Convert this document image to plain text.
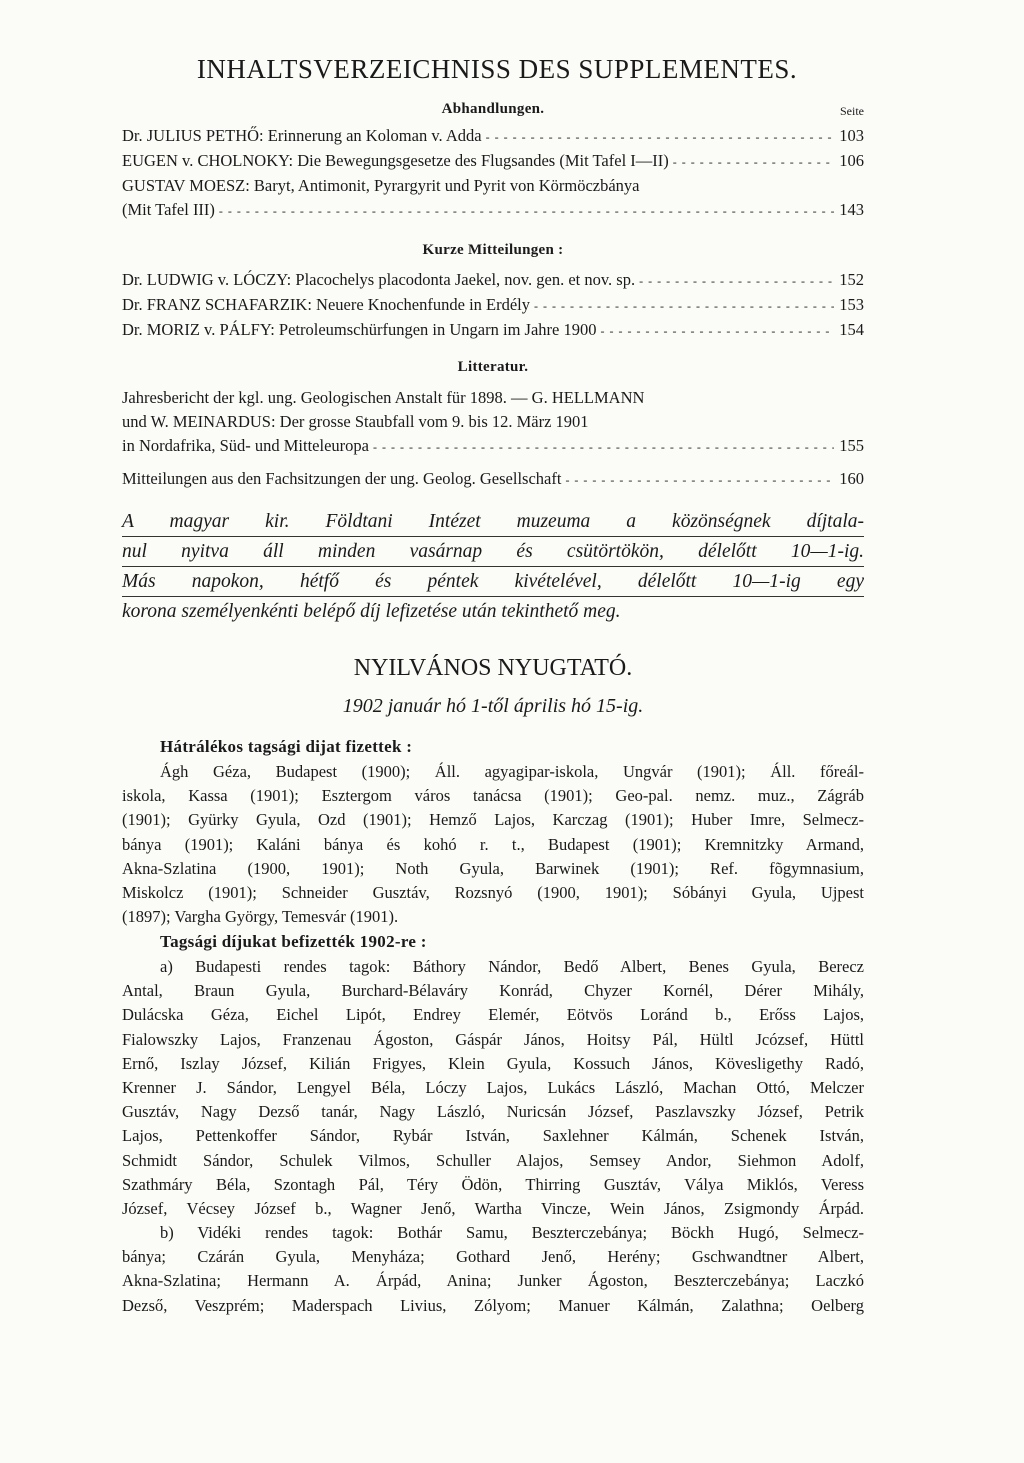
INHALTSVERZEICHNISS DES SUPPLEMENTES.
Abhandlungen.	Seite
Dr. JULIUS PETHŐ: Erinnerung an Koloman v. Adda - - -	103
EUGEN v. CHOLNOKY: Die Bewegungsgesetze des Flugsandes (Mit Tafel I—II) - - -	106
GUSTAV MOESZ: Baryt, Antimonit, Pyrargyrit und Pyrit von Körmöczbánya
(Mit Tafel III) - - -	143
Kurze Mitteilungen :
Dr. LUDWIG v. LÓCZY: Placochelys placodonta Jaekel, nov. gen. et nov. sp. - - -	152
Dr. FRANZ SCHAFARZIK: Neuere Knochenfunde in Erdély - - -	153
Dr. MORIZ v. PÁLFY: Petroleumschürfungen in Ungarn im Jahre 1900 - - -	154
Litteratur.
Jahresbericht der kgl. ung. Geologischen Anstalt für 1898. — G. HELLMANN
und W. MEINARDUS: Der grosse Staubfall vom 9. bis 12. März 1901
in Nordafrika, Süd- und Mitteleuropa - - -	155
Mitteilungen aus den Fachsitzungen der ung. Geolog. Gesellschaft - - -	160
A magyar kir. Földtani Intézet muzeuma a közönségnek díjtala-
nul nyitva áll minden vasárnap és csütörtökön, délelőtt 10—1-ig.
Más napokon, hétfő és péntek kivételével, délelőtt 10—1-ig egy
korona személyenkénti belépő díj lefizetése után tekinthető meg.
NYILVÁNOS NYUGTATÓ.
1902 január hó 1-től április hó 15-ig.
Hátrálékos tagsági dijat fizettek :
Ágh Géza, Budapest (1900); Áll. agyagipar-iskola, Ungvár (1901); Áll. főreál-
iskola, Kassa (1901); Esztergom város tanácsa (1901); Geo-pal. nemz. muz., Zágráb
(1901); Gyürky Gyula, Ozd (1901); Hemző Lajos, Karczag (1901); Huber Imre, Selmecz-
bánya (1901); Kaláni bánya és kohó r. t., Budapest (1901); Kremnitzky Armand,
Akna-Szlatina (1900, 1901); Noth Gyula, Barwinek (1901); Ref. fõgymnasium,
Miskolcz (1901); Schneider Gusztáv, Rozsnyó (1900, 1901); Sóbányi Gyula, Ujpest
(1897); Vargha György, Temesvár (1901).
Tagsági díjukat befizették 1902-re :
a) Budapesti rendes tagok: Báthory Nándor, Bedő Albert, Benes Gyula, Berecz
Antal, Braun Gyula, Burchard-Bélaváry Konrád, Chyzer Kornél, Dérer Mihály,
Dulácska Géza, Eichel Lipót, Endrey Elemér, Eötvös Loránd b., Erőss Lajos,
Fialowszky Lajos, Franzenau Ágoston, Gáspár János, Hoitsy Pál, Hültl Jcózsef, Hüttl
Ernő, Iszlay József, Kilián Frigyes, Klein Gyula, Kossuch János, Kövesligethy Radó,
Krenner J. Sándor, Lengyel Béla, Lóczy Lajos, Lukács László, Machan Ottó, Melczer
Gusztáv, Nagy Dezső tanár, Nagy László, Nuricsán József, Paszlavszky József, Petrik
Lajos, Pettenkoffer Sándor, Rybár István, Saxlehner Kálmán, Schenek István,
Schmidt Sándor, Schulek Vilmos, Schuller Alajos, Semsey Andor, Siehmon Adolf,
Szathmáry Béla, Szontagh Pál, Téry Ödön, Thirring Gusztáv, Vályа Miklós, Veress
József, Vécsey József b., Wagner Jenő, Wartha Vincze, Wein János, Zsigmondy Árpád.
b) Vidéki rendes tagok: Bothár Samu, Beszterczebánya; Böckh Hugó, Selmecz-
bánya; Czárán Gyula, Menyháza; Gothard Jenő, Herény; Gschwandtner Albert,
Akna-Szlatina; Hermann A. Árpád, Anina; Junker Ágoston, Beszterczebánya; Laczkó
Dezső, Veszprém; Maderspach Livius, Zólyom; Manuer Kálmán, Zalathna; Oelberg
